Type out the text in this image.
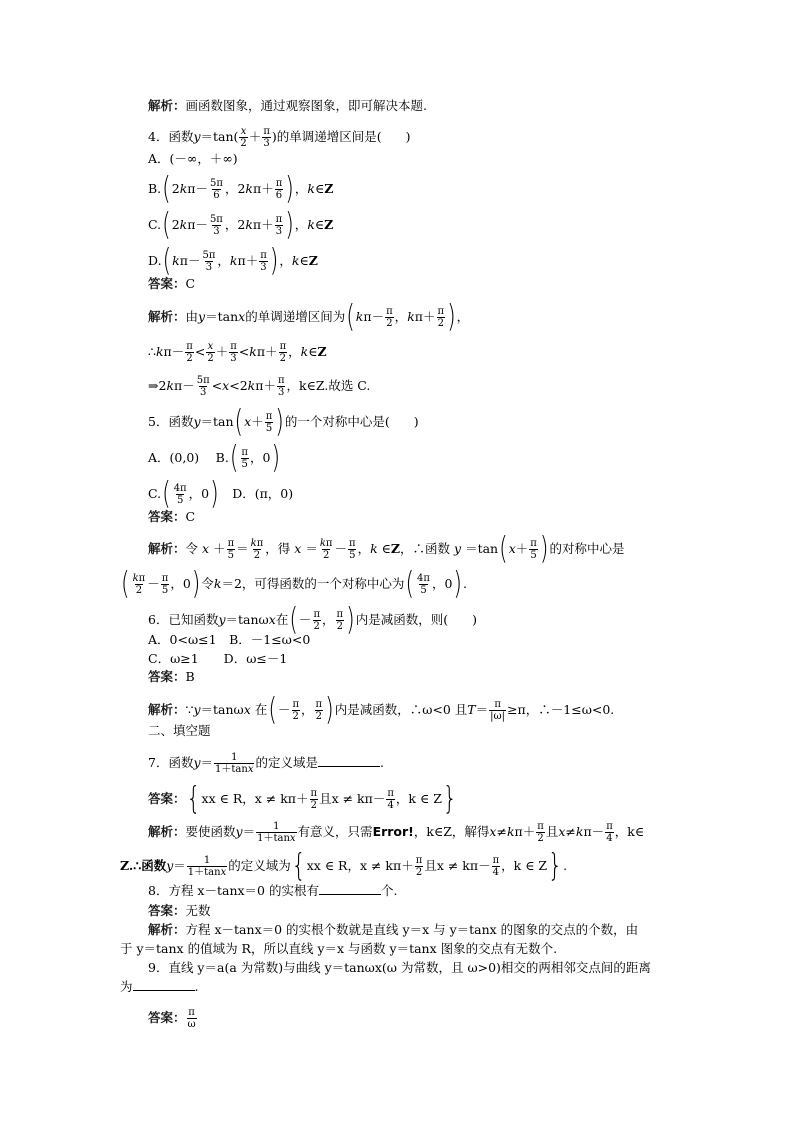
解析：画函数图象，通过观察图象，即可解决本题.
4．函数$y=\tan( \frac{x}{2} + \frac{\pi}{3}$ )的单调递增区间是( )
A．(－∞，＋∞)
$B.(2k\pi- \frac{5\pi}{6}$ ，$2k\pi+ \frac{\pi}{6}$ )，k∈Z
$C.(2k\pi- \frac{5\pi}{3}$ ，$2k\pi+ \frac{\pi}{3}$ )，k∈Z
$D.(k\pi- \frac{5\pi}{3}$ ，$k\pi+ \frac{\pi}{3}$ )，k∈Z
答案：C
解析：由y＝tanx的单调递增区间为($k\pi- \frac{\pi}{2}$ ，$k\pi+ \frac{\pi}{2}$ )，
∴kπ－ $\frac{\pi}{2} < \frac{x}{2} + \frac{\pi}{3} <k\pi+ \frac{\pi}{2}$ ，k∈Z
⇒2kπ－ $\frac{5\pi}{3} <x<2k\pi+ \frac{\pi}{3}$ ，k∈Z.故选 C.
5．函数$y=\tan(x+ \frac{\pi}{5}$ )的一个对称中心是( )
A．(0,0)　 $B.( \frac{\pi}{5}$ ，0)
$C.( \frac{4\pi}{5}$ ，0)　 D．(π，0)
答案：C
解析：令 $x + \frac{\pi}{5} = \frac{k\pi}{2}$ ，得 $x = \frac{k\pi}{2} - \frac{\pi}{5}$ ，k ∈Z，∴函数 $y =\tan(x+ \frac{\pi}{5}$ )的对称中心是
( $\frac{k\pi}{2} - \frac{\pi}{5}$ ，0)令k＝2，可得函数的一个对称中心为( $\frac{4\pi}{5}$ ，0).
6．已知函数y＝tanωx在(－ $\frac{\pi}{2}$ ， $\frac{\pi}{2}$ )内是减函数，则( )
A．0<ω≤1　B．－1≤ω<0
C．ω≥1　　D．ω≤－1
答案：B
解析：∵y＝tanωx 在(－ $\frac{\pi}{2}$ ， $\frac{\pi}{2}$ )内是减函数，∴ω<0 且$T= \frac{\pi}{|\omega|} \ge\pi$，∴－1≤ω<0.
二、填空题
7．函数$y= \frac{1}{1+\tan x}$ 的定义域是	.
答案：{xx ∈ R，$x \ne k\pi+ \frac{\pi}{2}$ 且$x \ne k\pi- \frac{\pi}{4}$ ，k ∈ Z}
解析：要使函数$y= \frac{1}{1+\tan x}$ 有意义，只需Error!，k∈Z，解得$x\ne k\pi+ \frac{\pi}{2}$ 且$x\ne k\pi- \frac{\pi}{4}$ ，k∈
Z.∴函数$y= \frac{1}{1+\tan x}$ 的定义域为{xx ∈ R，$x \ne k\pi+ \frac{\pi}{2}$ 且$x \ne k\pi- \frac{\pi}{4}$ ，k ∈ Z}.
8．方程 x－tanx＝0 的实根有	个.
答案：无数
解析：方程 x－tanx＝0 的实根个数就是直线 y＝x 与 y＝tanx 的图象的交点的个数，由
于 y＝tanx 的值域为 R，所以直线 y＝x 与函数 y＝tanx 图象的交点有无数个.
9．直线 y＝a(a 为常数)与曲线 y＝tanωx(ω 为常数，且 ω>0)相交的两相邻交点间的距离
为	.
答案： $\frac{\pi}{\omega}$
